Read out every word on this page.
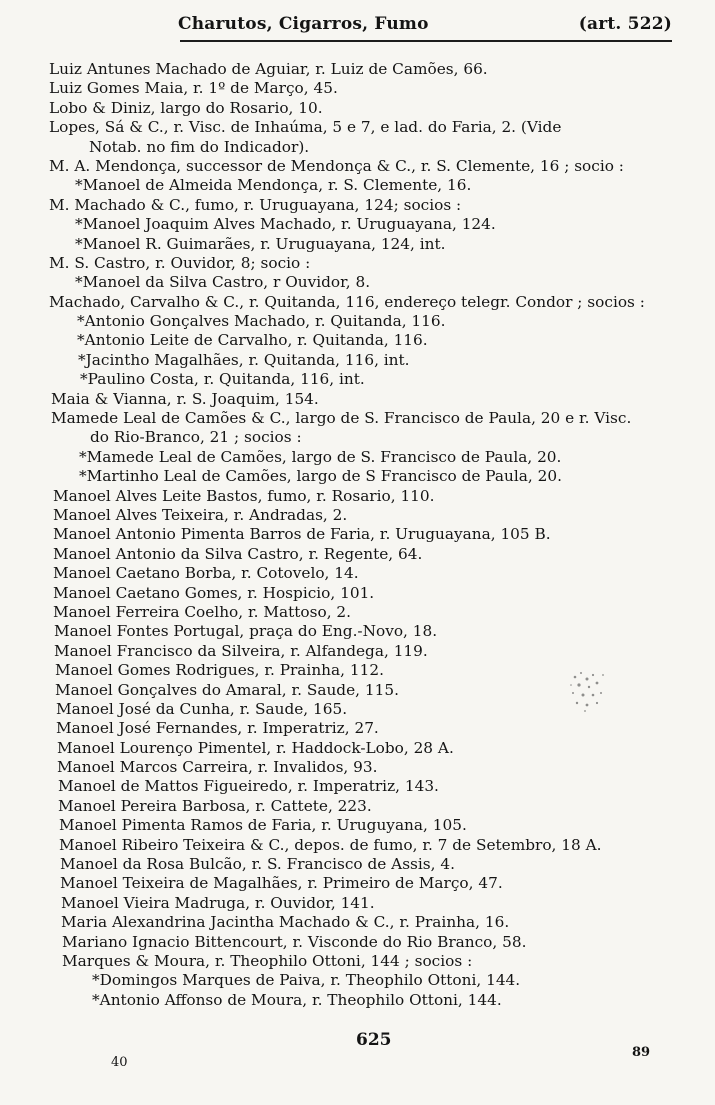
Charutos, Cigarros, Fumo	(art. 522)
Luiz Antunes Machado de Aguiar, r. Luiz de Camões, 66.
Luiz Gomes Maia, r. 1º de Março, 45.
Lobo & Diniz, largo do Rosario, 10.
Lopes, Sá & C., r. Visc. de Inhaúma, 5 e 7, e lad. do Faria, 2. (Vide
Notab. no fim do Indicador).
M. A. Mendonça, successor de Mendonça & C., r. S. Clemente, 16 ; socio :
*Manoel de Almeida Mendonça, r. S. Clemente, 16.
M. Machado & C., fumo, r. Uruguayana, 124; socios :
*Manoel Joaquim Alves Machado, r. Uruguayana, 124.
*Manoel R. Guimarães, r. Uruguayana, 124, int.
M. S. Castro, r. Ouvidor, 8; socio :
*Manoel da Silva Castro, r Ouvidor, 8.
Machado, Carvalho & C., r. Quitanda, 116, endereço telegr. Condor ; socios :
*Antonio Gonçalves Machado, r. Quitanda, 116.
*Antonio Leite de Carvalho, r. Quitanda, 116.
*Jacintho Magalhães, r. Quitanda, 116, int.
*Paulino Costa, r. Quitanda, 116, int.
Maia & Vianna, r. S. Joaquim, 154.
Mamede Leal de Camões & C., largo de S. Francisco de Paula, 20 e r. Visc.
do Rio-Branco, 21 ; socios :
*Mamede Leal de Camões, largo de S. Francisco de Paula, 20.
*Martinho Leal de Camões, largo de S Francisco de Paula, 20.
Manoel Alves Leite Bastos, fumo, r. Rosario, 110.
Manoel Alves Teixeira, r. Andradas, 2.
Manoel Antonio Pimenta Barros de Faria, r. Uruguayana, 105 B.
Manoel Antonio da Silva Castro, r. Regente, 64.
Manoel Caetano Borba, r. Cotovelo, 14.
Manoel Caetano Gomes, r. Hospicio, 101.
Manoel Ferreira Coelho, r. Mattoso, 2.
Manoel Fontes Portugal, praça do Eng.-Novo, 18.
Manoel Francisco da Silveira, r. Alfandega, 119.
Manoel Gomes Rodrigues, r. Prainha, 112.
Manoel Gonçalves do Amaral, r. Saude, 115.
Manoel José da Cunha, r. Saude, 165.
Manoel José Fernandes, r. Imperatriz, 27.
Manoel Lourenço Pimentel, r. Haddock-Lobo, 28 A.
Manoel Marcos Carreira, r. Invalidos, 93.
Manoel de Mattos Figueiredo, r. Imperatriz, 143.
Manoel Pereira Barbosa, r. Cattete, 223.
Manoel Pimenta Ramos de Faria, r. Uruguyana, 105.
Manoel Ribeiro Teixeira & C., depos. de fumo, r. 7 de Setembro, 18 A.
Manoel da Rosa Bulcão, r. S. Francisco de Assis, 4.
Manoel Teixeira de Magalhães, r. Primeiro de Março, 47.
Manoel Vieira Madruga, r. Ouvidor, 141.
Maria Alexandrina Jacintha Machado & C., r. Prainha, 16.
Mariano Ignacio Bittencourt, r. Visconde do Rio Branco, 58.
Marques & Moura, r. Theophilo Ottoni, 144 ; socios :
*Domingos Marques de Paiva, r. Theophilo Ottoni, 144.
*Antonio Affonso de Moura, r. Theophilo Ottoni, 144.
625
40
89
